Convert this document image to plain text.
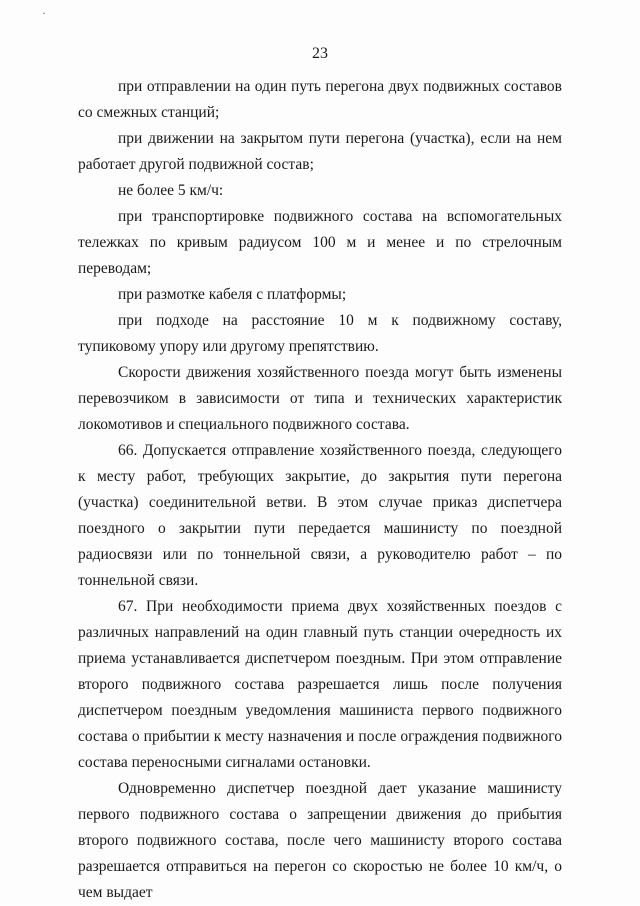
·
23

при отправлении на один путь перегона двух подвижных составов со смежных станций;

при движении на закрытом пути перегона (участка), если на нем работает другой подвижной состав;

не более 5 км/ч:

при транспортировке подвижного состава на вспомогательных тележках по кривым радиусом 100 м и менее и по стрелочным переводам;

при размотке кабеля с платформы;

при подходе на расстояние 10 м к подвижному составу, тупиковому упору или другому препятствию.

Скорости движения хозяйственного поезда могут быть изменены перевозчиком в зависимости от типа и технических характеристик локомотивов и специального подвижного состава.

66. Допускается отправление хозяйственного поезда, следующего к месту работ, требующих закрытие, до закрытия пути перегона (участка) соединительной ветви. В этом случае приказ диспетчера поездного о закрытии пути передается машинисту по поездной радиосвязи или по тоннельной связи, а руководителю работ – по тоннельной связи.

67. При необходимости приема двух хозяйственных поездов с различных направлений на один главный путь станции очередность их приема устанавливается диспетчером поездным. При этом отправление второго подвижного состава разрешается лишь после получения диспетчером поездным уведомления машиниста первого подвижного состава о прибытии к месту назначения и после ограждения подвижного состава переносными сигналами остановки.

Одновременно диспетчер поездной дает указание машинисту первого подвижного состава о запрещении движения до прибытия второго подвижного состава, после чего машинисту второго состава разрешается отправиться на перегон со скоростью не более 10 км/ч, о чем выдает
